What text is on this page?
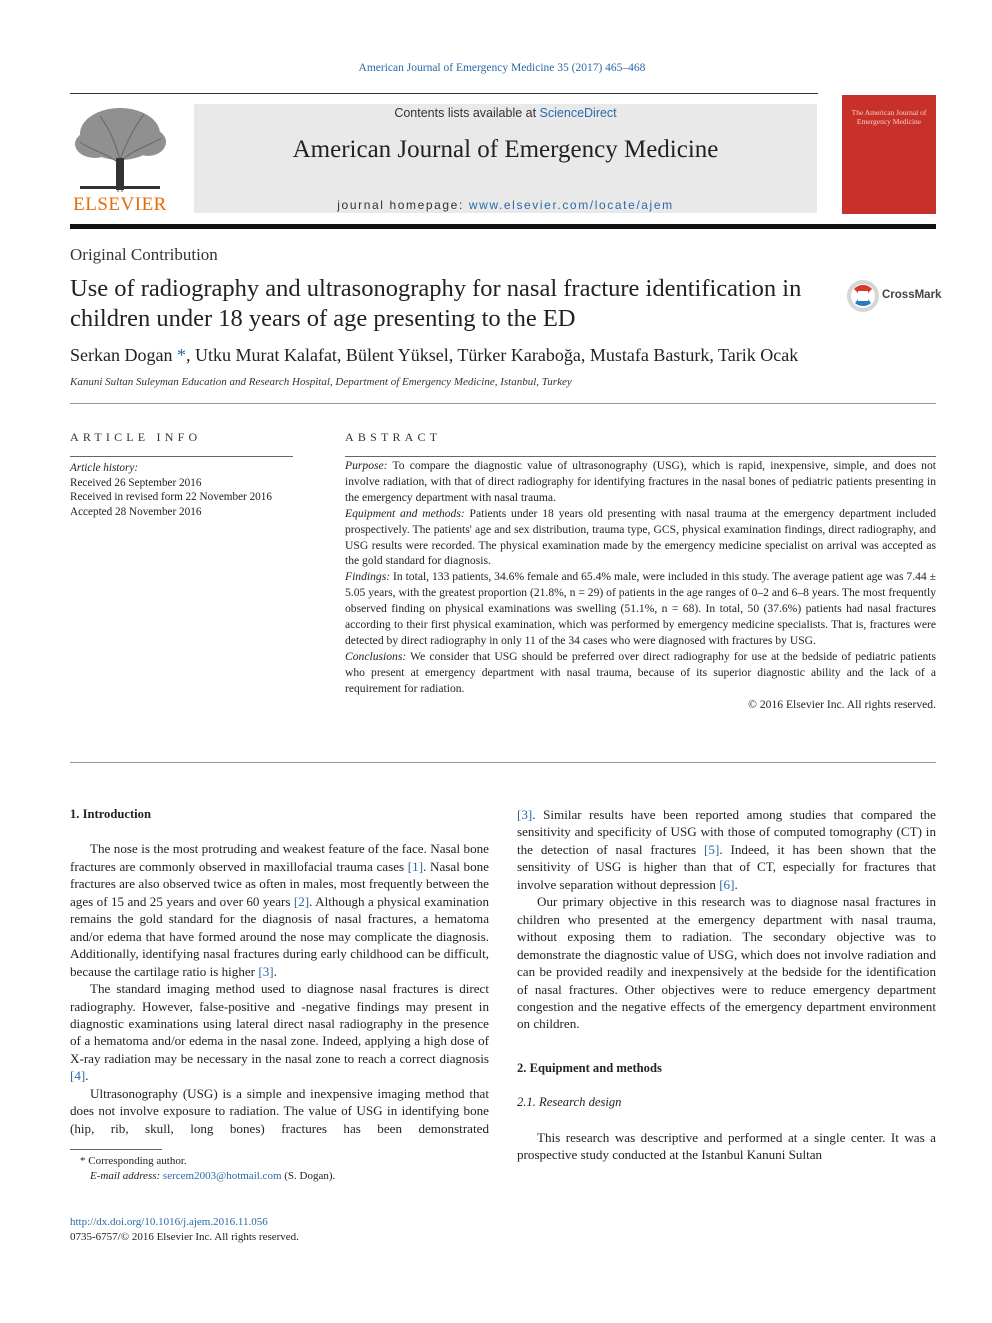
American Journal of Emergency Medicine 35 (2017) 465–468
ELSEVIER
Contents lists available at ScienceDirect
American Journal of Emergency Medicine
journal homepage: www.elsevier.com/locate/ajem
The American Journal of Emergency Medicine
Original Contribution
Use of radiography and ultrasonography for nasal fracture identification in children under 18 years of age presenting to the ED
CrossMark
Serkan Dogan *, Utku Murat Kalafat, Bülent Yüksel, Türker Karaboğa, Mustafa Basturk, Tarik Ocak
Kanuni Sultan Suleyman Education and Research Hospital, Department of Emergency Medicine, Istanbul, Turkey
ARTICLE INFO
Article history:
Received 26 September 2016
Received in revised form 22 November 2016
Accepted 28 November 2016
ABSTRACT

Purpose: To compare the diagnostic value of ultrasonography (USG), which is rapid, inexpensive, simple, and does not involve radiation, with that of direct radiography for identifying fractures in the nasal bones of pediatric patients presenting in the emergency department with nasal trauma.

Equipment and methods: Patients under 18 years old presenting with nasal trauma at the emergency department included prospectively. The patients' age and sex distribution, trauma type, GCS, physical examination findings, direct radiography, and USG results were recorded. The physical examination made by the emergency medicine specialist on arrival was accepted as the gold standard for diagnosis.

Findings: In total, 133 patients, 34.6% female and 65.4% male, were included in this study. The average patient age was 7.44 ± 5.05 years, with the greatest proportion (21.8%, n = 29) of patients in the age ranges of 0–2 and 6–8 years. The most frequently observed finding on physical examinations was swelling (51.1%, n = 68). In total, 50 (37.6%) patients had nasal fractures according to their first physical examination, which was performed by emergency medicine specialists. That is, fractures were detected by direct radiography in only 11 of the 34 cases who were diagnosed with fractures by USG.

Conclusions: We consider that USG should be preferred over direct radiography for use at the bedside of pediatric patients who present at emergency department with nasal trauma, because of its superior diagnostic ability and the lack of a requirement for radiation.

© 2016 Elsevier Inc. All rights reserved.

1. Introduction

The nose is the most protruding and weakest feature of the face. Nasal bone fractures are commonly observed in maxillofacial trauma cases [1]. Nasal bone fractures are also observed twice as often in males, most frequently between the ages of 15 and 25 years and over 60 years [2]. Although a physical examination remains the gold standard for the diagnosis of nasal fractures, a hematoma and/or edema that have formed around the nose may complicate the diagnosis. Additionally, identifying nasal fractures during early childhood can be difficult, because the cartilage ratio is higher [3].

The standard imaging method used to diagnose nasal fractures is direct radiography. However, false-positive and -negative findings may present in diagnostic examinations using lateral direct nasal radiography in the presence of a hematoma and/or edema in the nasal zone. Indeed, applying a high dose of X-ray radiation may be necessary in the nasal zone to reach a correct diagnosis [4].

Ultrasonography (USG) is a simple and inexpensive imaging method that does not involve exposure to radiation. The value of USG in identifying bone (hip, rib, skull, long bones) fractures has been demonstrated

[3]. Similar results have been reported among studies that compared the sensitivity and specificity of USG with those of computed tomography (CT) in the detection of nasal fractures [5]. Indeed, it has been shown that the sensitivity of USG is higher than that of CT, especially for fractures that involve separation without depression [6].

Our primary objective in this research was to diagnose nasal fractures in children who presented at the emergency department with nasal trauma, without exposing them to radiation. The secondary objective was to demonstrate the diagnostic value of USG, which does not involve radiation and can be provided readily and inexpensively at the bedside for the identification of nasal fractures. Other objectives were to reduce emergency department congestion and the negative effects of the emergency department environment on children.

2. Equipment and methods

2.1. Research design

This research was descriptive and performed at a single center. It was a prospective study conducted at the Istanbul Kanuni Sultan

* Corresponding author.
E-mail address: sercem2003@hotmail.com (S. Dogan).
http://dx.doi.org/10.1016/j.ajem.2016.11.056
0735-6757/© 2016 Elsevier Inc. All rights reserved.
